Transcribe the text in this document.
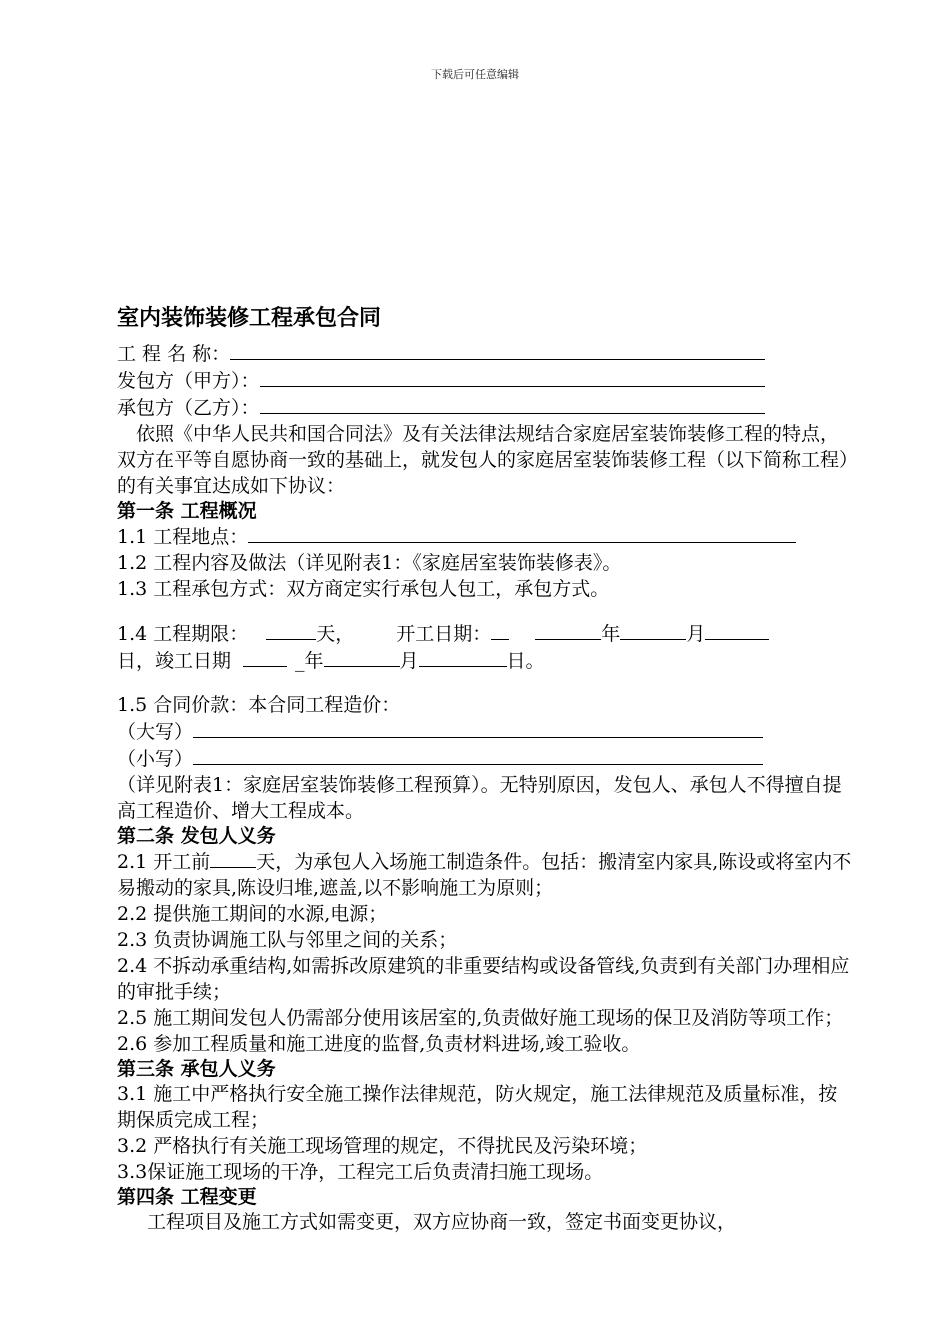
下载后可任意编辑
室内装饰装修工程承包合同
工 程 名 称：
发包方（甲方）：
承包方（乙方）：
依照《中华人民共和国合同法》及有关法律法规结合家庭居室装饰装修工程的特点，双方在平等自愿协商一致的基础上，就发包人的家庭居室装饰装修工程（以下简称工程）的有关事宜达成如下协议：
第一条 工程概况
1.1 工程地点：
1.2 工程内容及做法（详见附表1：《家庭居室装饰装修表》。
1.3 工程承包方式：双方商定实行承包人包工，承包方式。
1.4 工程期限：	天， 开工日期：	年	月
日，竣工日期	_年	月	日。
1.5 合同价款：本合同工程造价：
（大写）
（小写）
（详见附表1：家庭居室装饰装修工程预算）。无特别原因，发包人、承包人不得擅自提高工程造价、增大工程成本。
第二条 发包人义务
2.1 开工前 天，为承包人入场施工制造条件。包括：搬清室内家具,陈设或将室内不易搬动的家具,陈设归堆,遮盖,以不影响施工为原则；
2.2 提供施工期间的水源,电源；
2.3 负责协调施工队与邻里之间的关系；
2.4 不拆动承重结构,如需拆改原建筑的非重要结构或设备管线,负责到有关部门办理相应的审批手续；
2.5 施工期间发包人仍需部分使用该居室的,负责做好施工现场的保卫及消防等项工作；
2.6 参加工程质量和施工进度的监督,负责材料进场,竣工验收。
第三条 承包人义务
3.1 施工中严格执行安全施工操作法律规范，防火规定，施工法律规范及质量标准，按期保质完成工程；
3.2 严格执行有关施工现场管理的规定，不得扰民及污染环境；
3.3保证施工现场的干净，工程完工后负责清扫施工现场。
第四条 工程变更
工程项目及施工方式如需变更，双方应协商一致，签定书面变更协议，
